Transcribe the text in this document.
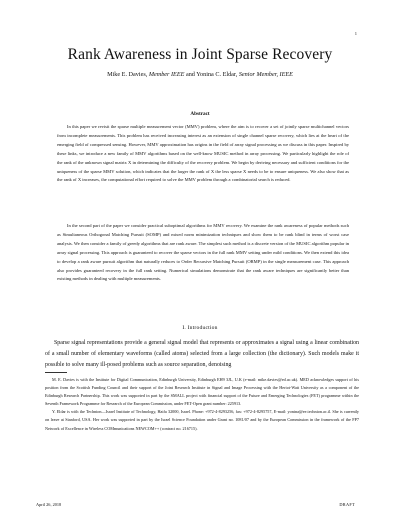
1
Rank Awareness in Joint Sparse Recovery
Mike E. Davies, Member IEEE and Yonina C. Eldar, Senior Member, IEEE
Abstract

In this paper we revisit the sparse multiple measurement vector (MMV) problem, where the aim is to recover a set of jointly sparse multichannel vectors from incomplete measurements. This problem has received increasing interest as an extension of single channel sparse recovery, which lies at the heart of the emerging field of compressed sensing. However, MMV approximation has origins in the field of array signal processing as we discuss in this paper. Inspired by these links, we introduce a new family of MMV algorithms based on the well-know MUSIC method in array processing. We particularly highlight the role of the rank of the unknown signal matrix X in determining the difficulty of the recovery problem. We begin by deriving necessary and sufficient conditions for the uniqueness of the sparse MMV solution, which indicates that the larger the rank of X the less sparse X needs to be to ensure uniqueness. We also show that as the rank of X increases, the computational effort required to solve the MMV problem through a combinatorial search is reduced.

In the second part of the paper we consider practical suboptimal algorithms for MMV recovery. We examine the rank awareness of popular methods such as Simultaneous Orthogonal Matching Pursuit (SOMP) and mixed norm minimization techniques and show them to be rank blind in terms of worst case analysis. We then consider a family of greedy algorithms that are rank aware. The simplest such method is a discrete version of the MUSIC algorithm popular in array signal processing. This approach is guaranteed to recover the sparse vectors in the full rank MMV setting under mild conditions. We then extend this idea to develop a rank aware pursuit algorithm that naturally reduces to Order Recursive Matching Pursuit (ORMP) in the single measurement case. This approach also provides guaranteed recovery in the full rank setting. Numerical simulations demonstrate that the rank aware techniques are significantly better than existing methods in dealing with multiple measurements.

I. Introduction

Sparse signal representations provide a general signal model that represents or approximates a signal using a linear combination of a small number of elementary waveforms (called atoms) selected from a large collection (the dictionary). Such models make it possible to solve many ill-posed problems such as source separation, denoising

M. E. Davies is with the Institute for Digital Communication, Edinburgh University, Edinburgh EH9 3JL, U.K (e-mail: mike.davies@ed.ac.uk). MED acknowledges support of his position from the Scottish Funding Council and their support of the Joint Research Institute in Signal and Image Processing with the Heriot-Watt University as a component of the Edinburgh Research Partnership. This work was supported in part by the SMALL project with financial support of the Future and Emerging Technologies (FET) programme within the Seventh Framework Programme for Research of the European Commission, under FET-Open grant number: 225913.

Y. Eldar is with the Technion—Israel Institute of Technology, Haifa 32000, Israel. Phone: +972-4-8293256, fax: +972-4-8295757, E-mail: yonina@ee.technion.ac.il. She is currently on leave at Stanford, USA. Her work was supported in part by the Israel Science Foundation under Grant no. 1081/07 and by the European Commission in the framework of the FP7 Network of Excellence in Wireless COMmunications NEWCOM++ (contract no. 216715).

April 26, 2018	DRAFT
